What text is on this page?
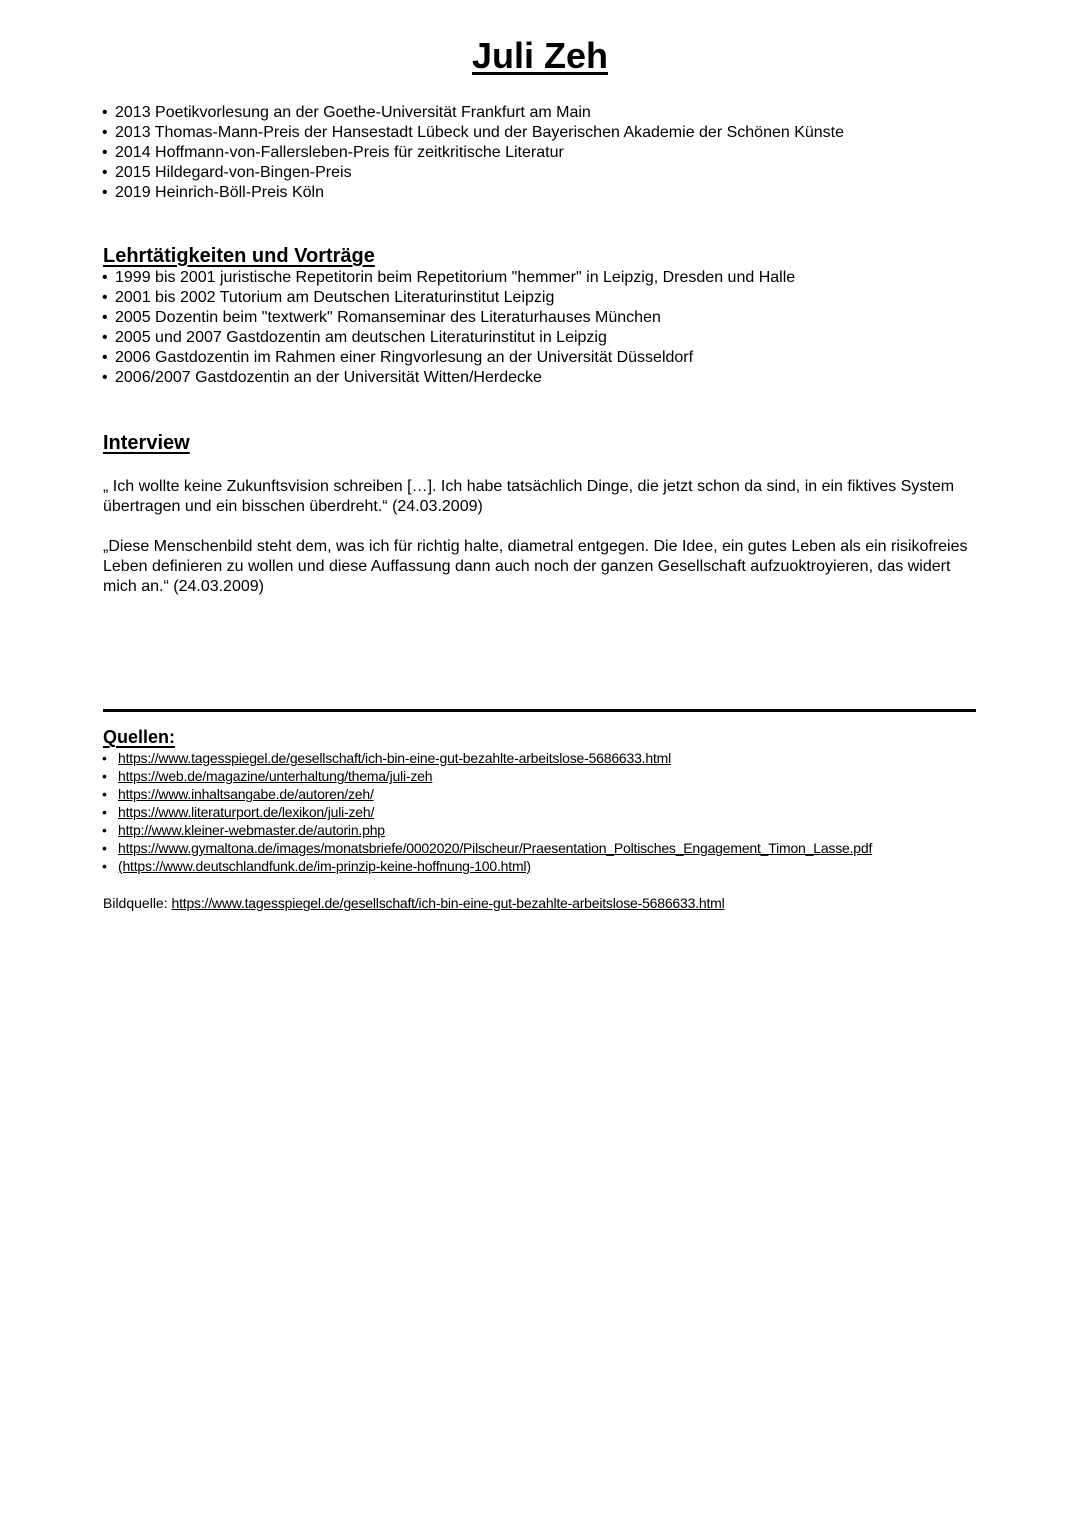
Juli Zeh
• 2013 Poetikvorlesung an der Goethe-Universität Frankfurt am Main
• 2013 Thomas-Mann-Preis der Hansestadt Lübeck und der Bayerischen Akademie der Schönen Künste
• 2014 Hoffmann-von-Fallersleben-Preis für zeitkritische Literatur
• 2015 Hildegard-von-Bingen-Preis
• 2019 Heinrich-Böll-Preis Köln
Lehrtätigkeiten und Vorträge
• 1999 bis 2001 juristische Repetitorin beim Repetitorium "hemmer" in Leipzig, Dresden und Halle
• 2001 bis 2002 Tutorium am Deutschen Literaturinstitut Leipzig
• 2005 Dozentin beim "textwerk" Romanseminar des Literaturhauses München
• 2005 und 2007 Gastdozentin am deutschen Literaturinstitut in Leipzig
• 2006 Gastdozentin im Rahmen einer Ringvorlesung an der Universität Düsseldorf
• 2006/2007 Gastdozentin an der Universität Witten/Herdecke
Interview

„ Ich wollte keine Zukunftsvision schreiben […]. Ich habe tatsächlich Dinge, die jetzt schon da sind, in ein fiktives System übertragen und ein bisschen überdreht.“ (24.03.2009)

„Diese Menschenbild steht dem, was ich für richtig halte, diametral entgegen. Die Idee, ein gutes Leben als ein risikofreies Leben definieren zu wollen und diese Auffassung dann auch noch der ganzen Gesellschaft aufzuoktroyieren, das widert mich an.“ (24.03.2009)

Quellen:
• https://www.tagesspiegel.de/gesellschaft/ich-bin-eine-gut-bezahlte-arbeitslose-5686633.html
• https://web.de/magazine/unterhaltung/thema/juli-zeh
• https://www.inhaltsangabe.de/autoren/zeh/
• https://www.literaturport.de/lexikon/juli-zeh/
• http://www.kleiner-webmaster.de/autorin.php
• https://www.gymaltona.de/images/monatsbriefe/0002020/Pilscheur/Praesentation_Poltisches_Engagement_Timon_Lasse.pdf
• (https://www.deutschlandfunk.de/im-prinzip-keine-hoffnung-100.html)
Bildquelle: https://www.tagesspiegel.de/gesellschaft/ich-bin-eine-gut-bezahlte-arbeitslose-5686633.html
